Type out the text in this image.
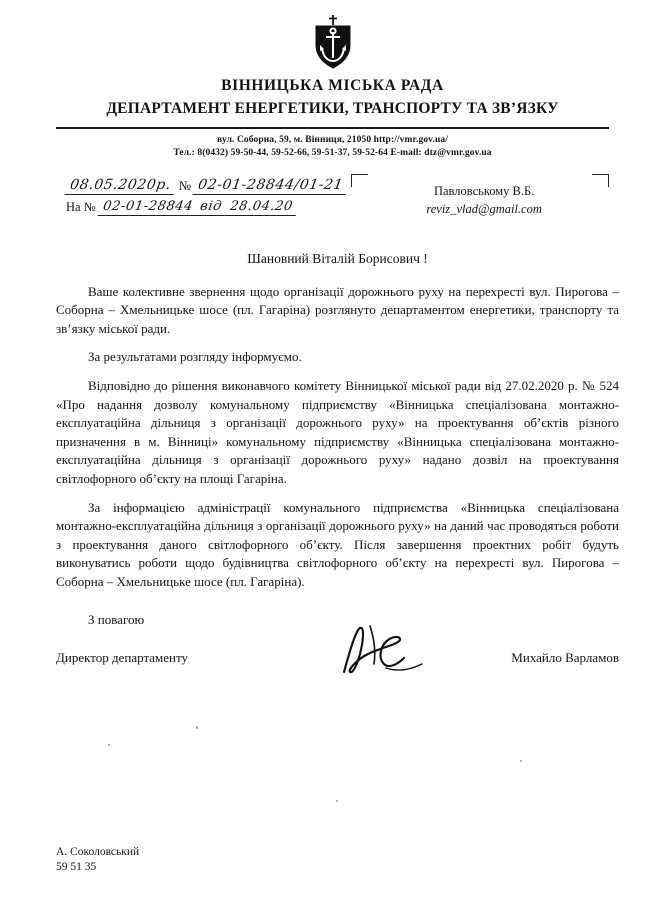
ВІННИЦЬКА МІСЬКА РАДА
ДЕПАРТАМЕНТ ЕНЕРГЕТИКИ, ТРАНСПОРТУ ТА ЗВ’ЯЗКУ
вул. Соборна, 59, м. Вінниця, 21050 http://vmr.gov.ua/
Тел.: 8(0432) 59-50-44, 59-52-66, 59-51-37, 59-52-64 E-mail: dtz@vmr.gov.ua
08.05.2020р. № 02-01-28844/01-21
На № 02-01-28844 від 28.04.20
Павловському В.Б.
reviz_vlad@gmail.com
Шановний Віталій Борисович !

Ваше колективне звернення щодо організації дорожнього руху на перехресті вул. Пирогова – Соборна – Хмельницьке шосе (пл. Гагаріна) розглянуто департаментом енергетики, транспорту та зв’язку міської ради.

За результатами розгляду інформуємо.

Відповідно до рішення виконавчого комітету Вінницької міської ради від 27.02.2020 р. № 524 «Про надання дозволу комунальному підприємству «Вінницька спеціалізована монтажно-експлуатаційна дільниця з організації дорожнього руху» на проектування об’єктів різного призначення в м. Вінниці» комунальному підприємству «Вінницька спеціалізована монтажно-експлуатаційна дільниця з організації дорожнього руху» надано дозвіл на проектування світлофорного об’єкту на площі Гагаріна.

За інформацією адміністрації комунального підприємства «Вінницька спеціалізована монтажно-експлуатаційна дільниця з організації дорожнього руху» на даний час проводяться роботи з проектування даного світлофорного об’єкту. Після завершення проектних робіт будуть виконуватись роботи щодо будівництва світлофорного об’єкту на перехресті вул. Пирогова – Соборна – Хмельницьке шосе (пл. Гагаріна).

З повагою
Директор департаменту	Михайло Варламов
А. Соколовський
59 51 35
